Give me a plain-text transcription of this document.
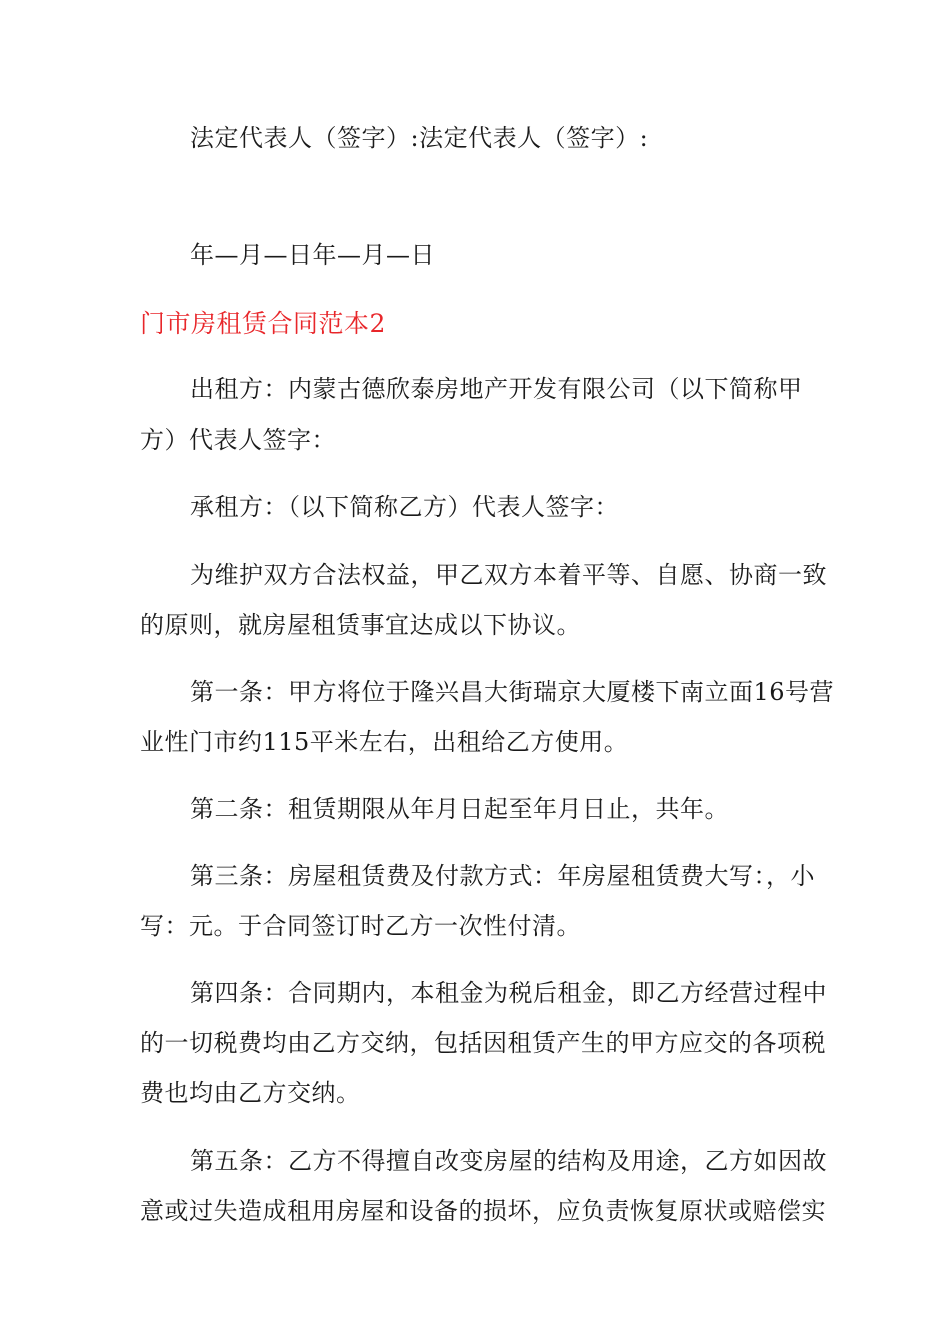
法定代表人（签字）:法定代表人（签字）:
年—月—日年—月—日
门市房租赁合同范本2
出租方：内蒙古德欣泰房地产开发有限公司（以下简称甲
方）代表人签字：
承租方：（以下简称乙方）代表人签字：
为维护双方合法权益，甲乙双方本着平等、自愿、协商一致
的原则，就房屋租赁事宜达成以下协议。
第一条：甲方将位于隆兴昌大街瑞京大厦楼下南立面16号营
业性门市约115平米左右，出租给乙方使用。
第二条：租赁期限从年月日起至年月日止，共年。
第三条：房屋租赁费及付款方式：年房屋租赁费大写：，小
写：元。于合同签订时乙方一次性付清。
第四条：合同期内，本租金为税后租金，即乙方经营过程中
的一切税费均由乙方交纳，包括因租赁产生的甲方应交的各项税
费也均由乙方交纳。
第五条：乙方不得擅自改变房屋的结构及用途，乙方如因故
意或过失造成租用房屋和设备的损坏，应负责恢复原状或赔偿实
